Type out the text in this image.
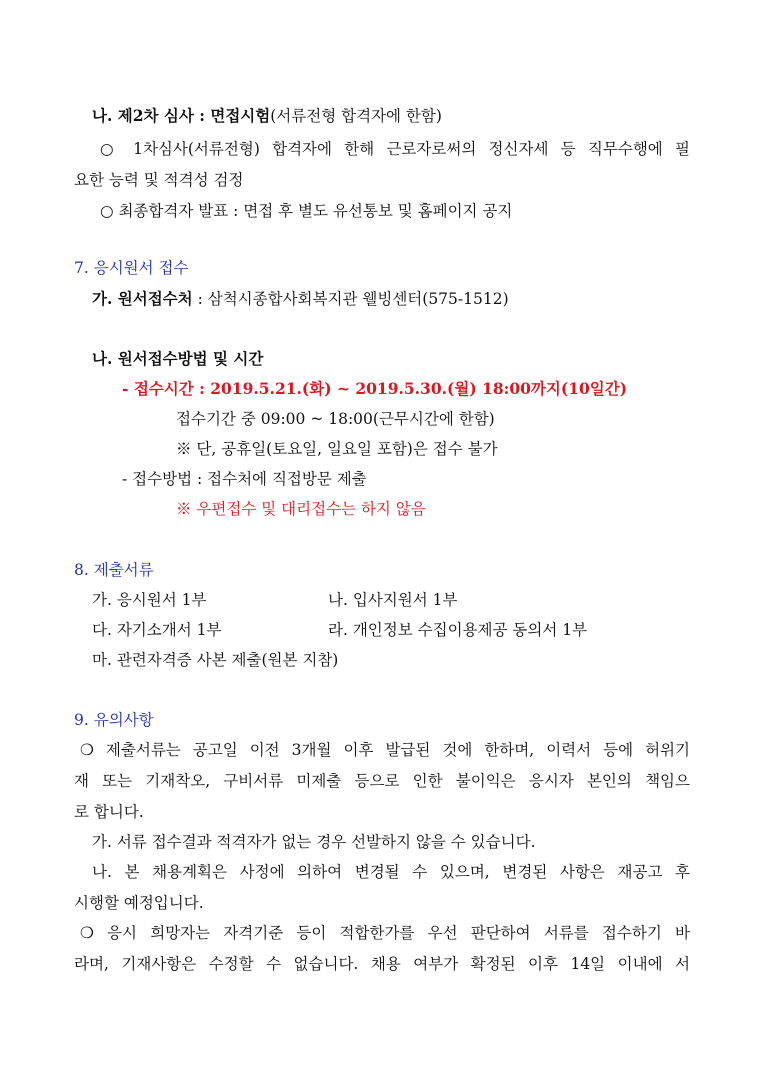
나. 제2차 심사 : 면접시험(서류전형 합격자에 한함)
○ 1차심사(서류전형) 합격자에 한해 근로자로써의 정신자세 등 직무수행에 필
요한 능력 및 적격성 검정
○ 최종합격자 발표 : 면접 후 별도 유선통보 및 홈페이지 공지
7. 응시원서 접수
가. 원서접수처 : 삼척시종합사회복지관 웰빙센터(575-1512)
나. 원서접수방법 및 시간
- 접수시간 : 2019.5.21.(화) ~ 2019.5.30.(월) 18:00까지(10일간)
접수기간 중 09:00 ~ 18:00(근무시간에 한함)
※ 단, 공휴일(토요일, 일요일 포함)은 접수 불가
- 접수방법 : 접수처에 직접방문 제출
※ 우편접수 및 대리접수는 하지 않음
8. 제출서류
가. 응시원서 1부	나. 입사지원서 1부
다. 자기소개서 1부	라. 개인정보 수집이용제공 동의서 1부
마. 관련자격증 사본 제출(원본 지참)
9. 유의사항
❍ 제출서류는 공고일 이전 3개월 이후 발급된 것에 한하며, 이력서 등에 허위기
재 또는 기재착오, 구비서류 미제출 등으로 인한 불이익은 응시자 본인의 책임으
로 합니다.
가. 서류 접수결과 적격자가 없는 경우 선발하지 않을 수 있습니다.
나. 본 채용계획은 사정에 의하여 변경될 수 있으며, 변경된 사항은 재공고 후
시행할 예정입니다.
❍ 응시 희망자는 자격기준 등이 적합한가를 우선 판단하여 서류를 접수하기 바
라며, 기재사항은 수정할 수 없습니다. 채용 여부가 확정된 이후 14일 이내에 서
